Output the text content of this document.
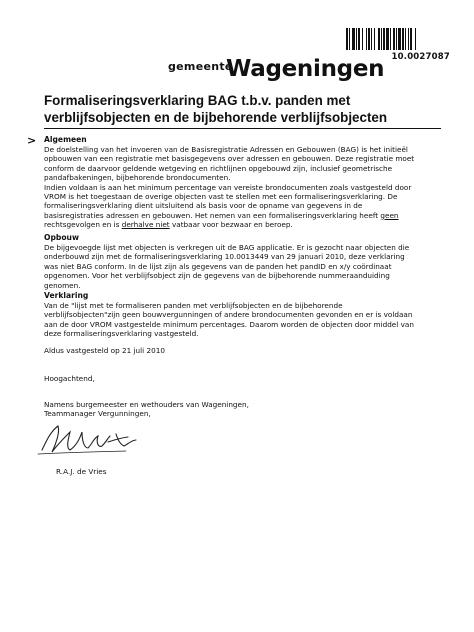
10.0027087
gemeente
Wageningen
Formaliseringsverklaring BAG t.b.v. panden met
verblijfsobjecten en de bijbehorende verblijfsobjecten
> Algemeen
De doelstelling van het invoeren van de Basisregistratie Adressen en Gebouwen (BAG) is het initieël
opbouwen van een registratie met basisgegevens over adressen en gebouwen. Deze registratie moet
conform de daarvoor geldende wetgeving en richtlijnen opgebouwd zijn, inclusief geometrische
pandafbakeningen, bijbehorende brondocumenten.
Indien voldaan is aan het minimum percentage van vereiste brondocumenten zoals vastgesteld door
VROM is het toegestaan de overige objecten vast te stellen met een formaliseringsverklaring. De
formaliseringsverklaring dient uitsluitend als basis voor de opname van gegevens in de
basisregistraties adressen en gebouwen. Het nemen van een formaliseringsverklaring heeft geen
rechtsgevolgen en is derhalve niet vatbaar voor bezwaar en beroep.
Opbouw
De bijgevoegde lijst met objecten is verkregen uit de BAG applicatie. Er is gezocht naar objecten die
onderbouwd zijn met de formaliseringsverklaring 10.0013449 van 29 januari 2010, deze verklaring
was niet BAG conform. In de lijst zijn als gegevens van de panden het pandID en x/y coördinaat
opgenomen. Voor het verblijfsobject zijn de gegevens van de bijbehorende nummeraanduiding
genomen.
Verklaring
Van de "lijst met te formaliseren panden met verblijfsobjecten en de bijbehorende
verblijfsobjecten"zijn geen bouwvergunningen of andere brondocumenten gevonden en er is voldaan
aan de door VROM vastgestelde minimum percentages. Daarom worden de objecten door middel van
deze formaliseringsverklaring vastgesteld.
Aldus vastgesteld op 21 juli 2010
Hoogachtend,
Namens burgemeester en wethouders van Wageningen,
Teammanager Vergunningen,
R.A.J. de Vries
